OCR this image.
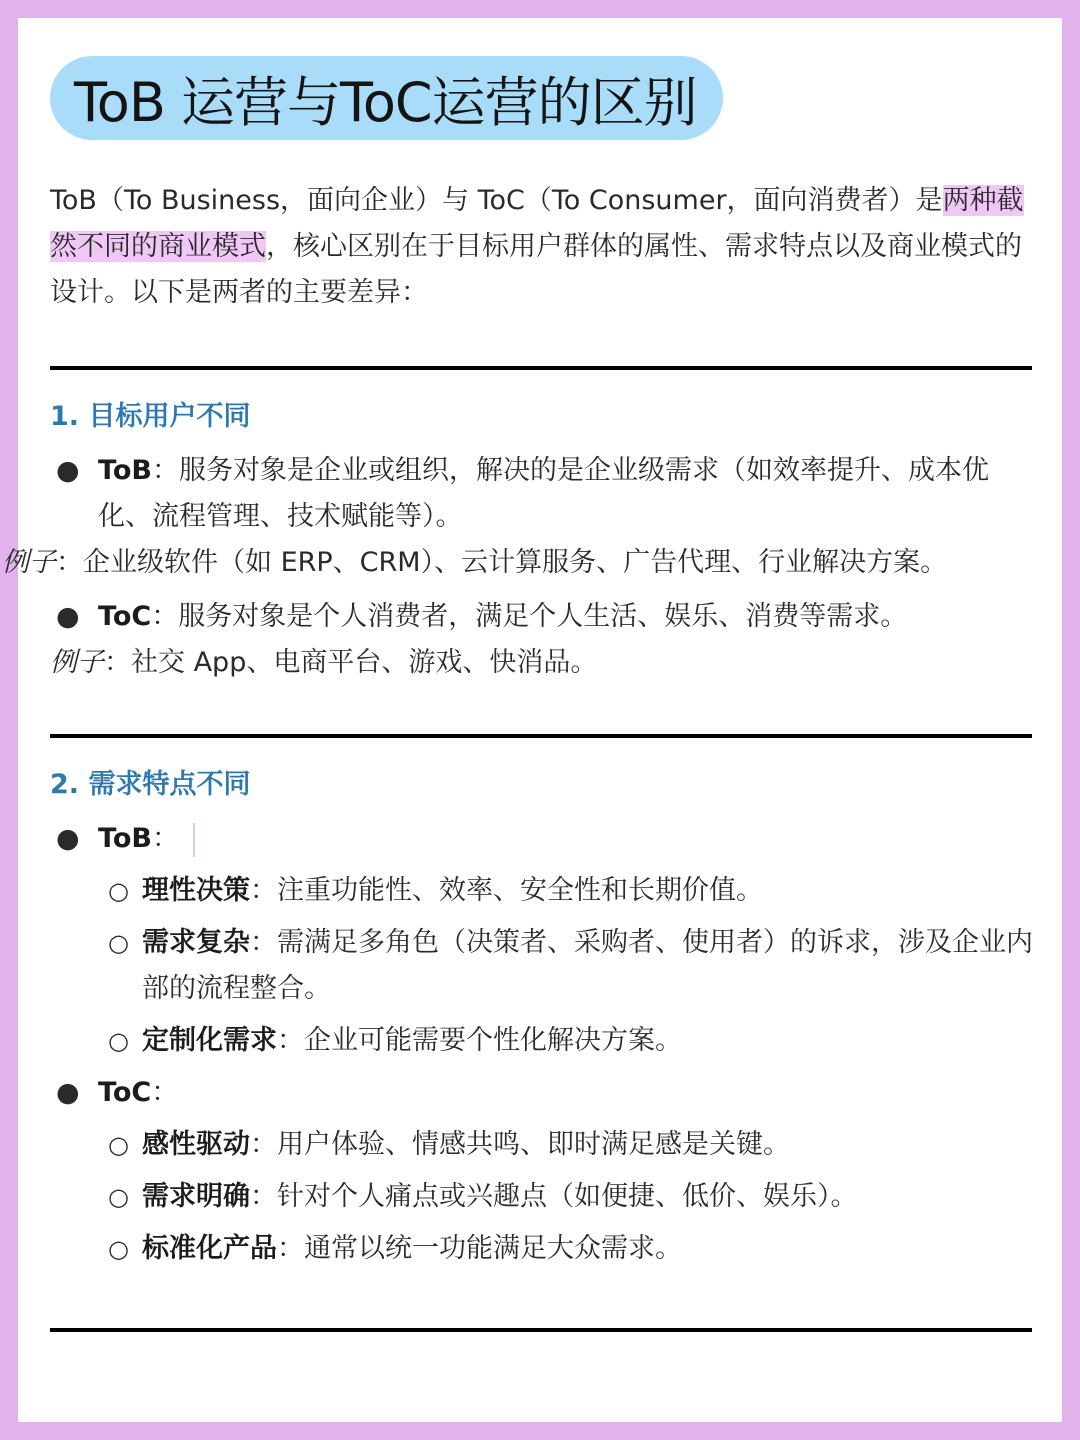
ToB 运营与ToC运营的区别

ToB（To Business，面向企业）与 ToC（To Consumer，面向消费者）是两种截然不同的商业模式，核心区别在于目标用户群体的属性、需求特点以及商业模式的设计。以下是两者的主要差异：

1. 目标用户不同
● ToB：服务对象是企业或组织，解决的是企业级需求（如效率提升、成本优化、流程管理、技术赋能等）。
例子：企业级软件（如 ERP、CRM）、云计算服务、广告代理、行业解决方案。
● ToC：服务对象是个人消费者，满足个人生活、娱乐、消费等需求。
例子：社交 App、电商平台、游戏、快消品。
2. 需求特点不同
● ToB：
○ 理性决策：注重功能性、效率、安全性和长期价值。
○ 需求复杂：需满足多角色（决策者、采购者、使用者）的诉求，涉及企业内部的流程整合。
○ 定制化需求：企业可能需要个性化解决方案。
● ToC：
○ 感性驱动：用户体验、情感共鸣、即时满足感是关键。
○ 需求明确：针对个人痛点或兴趣点（如便捷、低价、娱乐）。
○ 标准化产品：通常以统一功能满足大众需求。
